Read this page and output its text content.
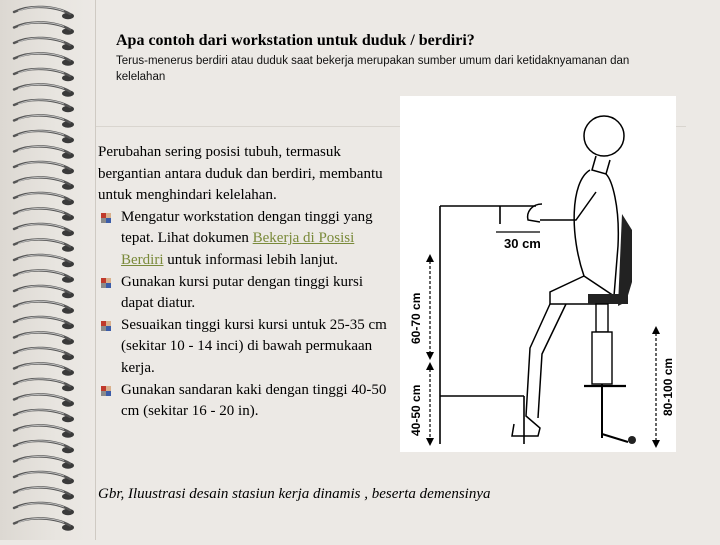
Apa contoh dari workstation untuk duduk / berdiri?
Terus-menerus berdiri atau duduk saat bekerja merupakan sumber umum dari ketidaknyamanan dan kelelahan

Perubahan sering posisi tubuh, termasuk bergantian antara duduk dan berdiri, membantu untuk menghindari kelelahan.

Mengatur workstation dengan tinggi yang tepat. Lihat dokumen Bekerja di Posisi Berdiri untuk informasi lebih lanjut.
Gunakan kursi putar dengan tinggi kursi dapat diatur.
Sesuaikan tinggi kursi kursi untuk 25-35 cm (sekitar 10 - 14 inci) di bawah permukaan kerja.
Gunakan sandaran kaki dengan tinggi 40-50 cm (sekitar 16 - 20 in).
30 cm
60-70 cm
40-50 cm	80-100 cm
Gbr, Iluustrasi desain stasiun kerja dinamis , beserta demensinya
